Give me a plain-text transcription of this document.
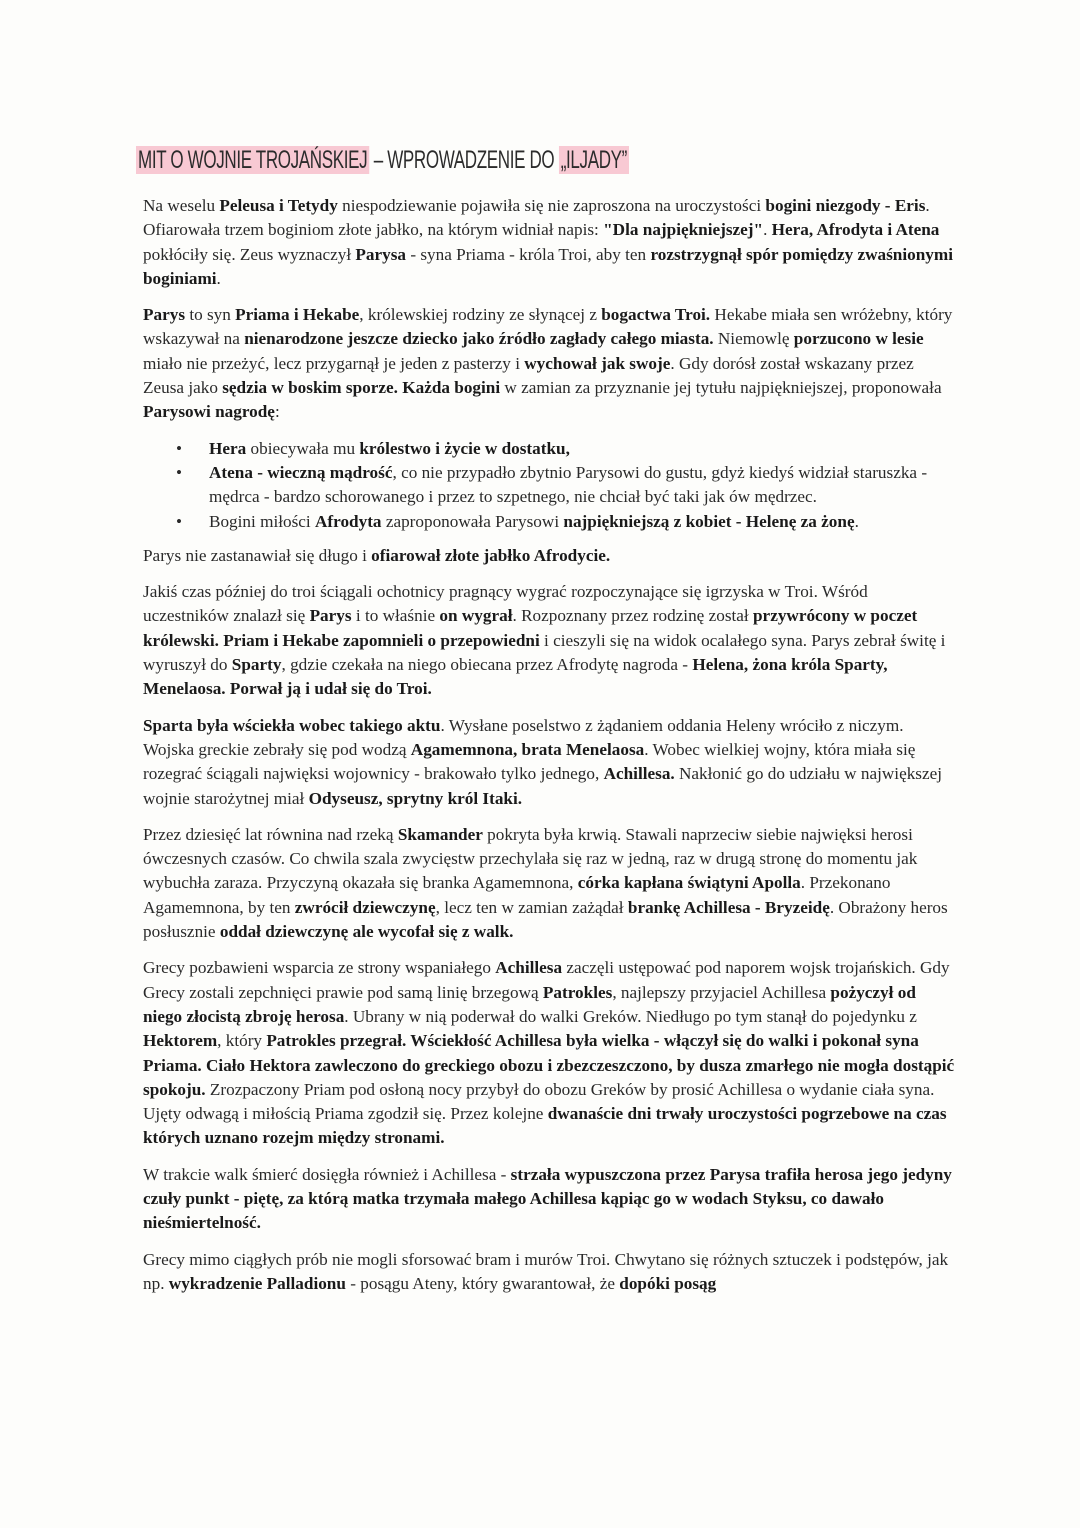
MIT O WOJNIE TROJAŃSKIEJ – WPROWADZENIE DO „ILJADY”

Na weselu Peleusa i Tetydy niespodziewanie pojawiła się nie zaproszona na uroczystości bogini niezgody - Eris. Ofiarowała trzem boginiom złote jabłko, na którym widniał napis: "Dla najpiękniejszej". Hera, Afrodyta i Atena pokłóciły się. Zeus wyznaczył Parysa - syna Priama - króla Troi, aby ten rozstrzygnął spór pomiędzy zwaśnionymi boginiami.

Parys to syn Priama i Hekabe, królewskiej rodziny ze słynącej z bogactwa Troi. Hekabe miała sen wróżebny, który wskazywał na nienarodzone jeszcze dziecko jako źródło zagłady całego miasta. Niemowlę porzucono w lesie miało nie przeżyć, lecz przygarnął je jeden z pasterzy i wychował jak swoje. Gdy dorósł został wskazany przez Zeusa jako sędzia w boskim sporze. Każda bogini w zamian za przyznanie jej tytułu najpiękniejszej, proponowała Parysowi nagrodę:

• Hera obiecywała mu królestwo i życie w dostatku,
• Atena - wieczną mądrość, co nie przypadło zbytnio Parysowi do gustu, gdyż kiedyś widział staruszka - mędrca - bardzo schorowanego i przez to szpetnego, nie chciał być taki jak ów mędrzec.
• Bogini miłości Afrodyta zaproponowała Parysowi najpiękniejszą z kobiet - Helenę za żonę.

Parys nie zastanawiał się długo i ofiarował złote jabłko Afrodycie.

Jakiś czas później do troi ściągali ochotnicy pragnący wygrać rozpoczynające się igrzyska w Troi. Wśród uczestników znalazł się Parys i to właśnie on wygrał. Rozpoznany przez rodzinę został przywrócony w poczet królewski. Priam i Hekabe zapomnieli o przepowiedni i cieszyli się na widok ocalałego syna. Parys zebrał świtę i wyruszył do Sparty, gdzie czekała na niego obiecana przez Afrodytę nagroda - Helena, żona króla Sparty, Menelaosa. Porwał ją i udał się do Troi.

Sparta była wściekła wobec takiego aktu. Wysłane poselstwo z żądaniem oddania Heleny wróciło z niczym. Wojska greckie zebrały się pod wodzą Agamemnona, brata Menelaosa. Wobec wielkiej wojny, która miała się rozegrać ściągali najwięksi wojownicy - brakowało tylko jednego, Achillesa. Nakłonić go do udziału w największej wojnie starożytnej miał Odyseusz, sprytny król Itaki.

Przez dziesięć lat równina nad rzeką Skamander pokryta była krwią. Stawali naprzeciw siebie najwięksi herosi ówczesnych czasów. Co chwila szala zwycięstw przechylała się raz w jedną, raz w drugą stronę do momentu jak wybuchła zaraza. Przyczyną okazała się branka Agamemnona, córka kapłana świątyni Apolla. Przekonano Agamemnona, by ten zwrócił dziewczynę, lecz ten w zamian zażądał brankę Achillesa - Bryzeidę. Obrażony heros posłusznie oddał dziewczynę ale wycofał się z walk.

Grecy pozbawieni wsparcia ze strony wspaniałego Achillesa zaczęli ustępować pod naporem wojsk trojańskich. Gdy Grecy zostali zepchnięci prawie pod samą linię brzegową Patrokles, najlepszy przyjaciel Achillesa pożyczył od niego złocistą zbroję herosa. Ubrany w nią poderwał do walki Greków. Niedługo po tym stanął do pojedynku z Hektorem, który Patrokles przegrał. Wściekłość Achillesa była wielka - włączył się do walki i pokonał syna Priama. Ciało Hektora zawleczono do greckiego obozu i zbezczeszczono, by dusza zmarłego nie mogła dostąpić spokoju. Zrozpaczony Priam pod osłoną nocy przybył do obozu Greków by prosić Achillesa o wydanie ciała syna. Ujęty odwagą i miłością Priama zgodził się. Przez kolejne dwanaście dni trwały uroczystości pogrzebowe na czas których uznano rozejm między stronami.

W trakcie walk śmierć dosięgła również i Achillesa - strzała wypuszczona przez Parysa trafiła herosa jego jedyny czuły punkt - piętę, za którą matka trzymała małego Achillesa kąpiąc go w wodach Styksu, co dawało nieśmiertelność.

Grecy mimo ciągłych prób nie mogli sforsować bram i murów Troi. Chwytano się różnych sztuczek i podstępów, jak np. wykradzenie Palladionu - posągu Ateny, który gwarantował, że dopóki posąg
